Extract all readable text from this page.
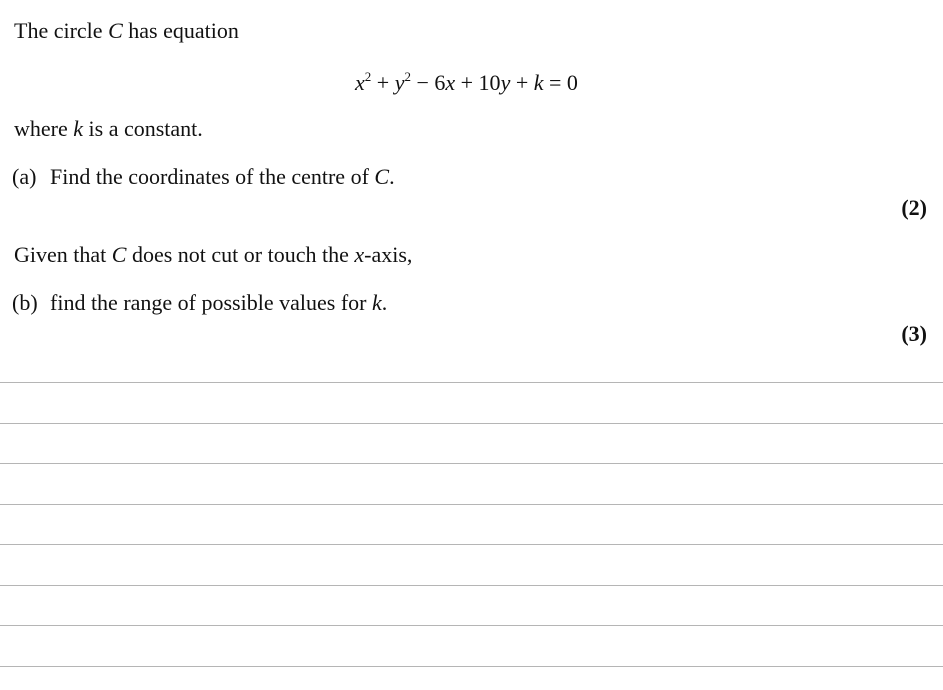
The circle C has equation
$x^2 + y^2 - 6x + 10y + k = 0$
where k is a constant.
(a) Find the coordinates of the centre of C.
(2)
Given that C does not cut or touch the x-axis,
(b) find the range of possible values for k.
(3)
